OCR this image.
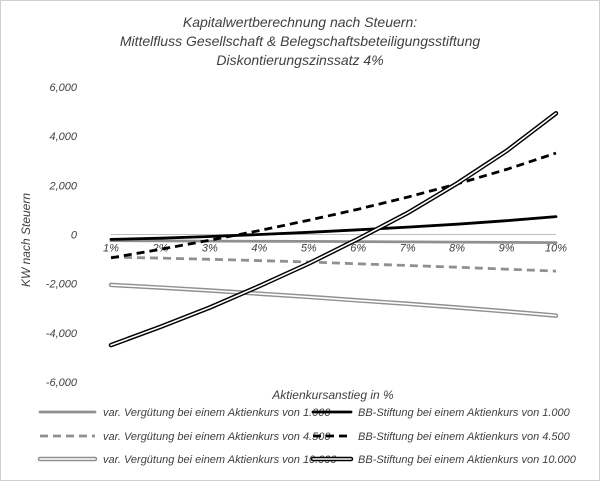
Kapitalwertberechnung nach Steuern:
Mittelfluss Gesellschaft & Belegschaftsbeteiligungsstiftung
Diskontierungszinssatz 4%
6,000
4,000
2,000
0
-2,000
-4,000
-6,000
1%	2%	3%	4%	5%	6%	7%	8%	9%	10%
KW nach Steuern
Aktienkursanstieg in %
var. Vergütung bei einem Aktienkurs von 1.000	BB-Stiftung bei einem Aktienkurs von 1.000
var. Vergütung bei einem Aktienkurs von 4.500	BB-Stiftung bei einem Aktienkurs von 4.500
var. Vergütung bei einem Aktienkurs von 10.000 BB-Stiftung bei einem Aktienkurs von 10.000
